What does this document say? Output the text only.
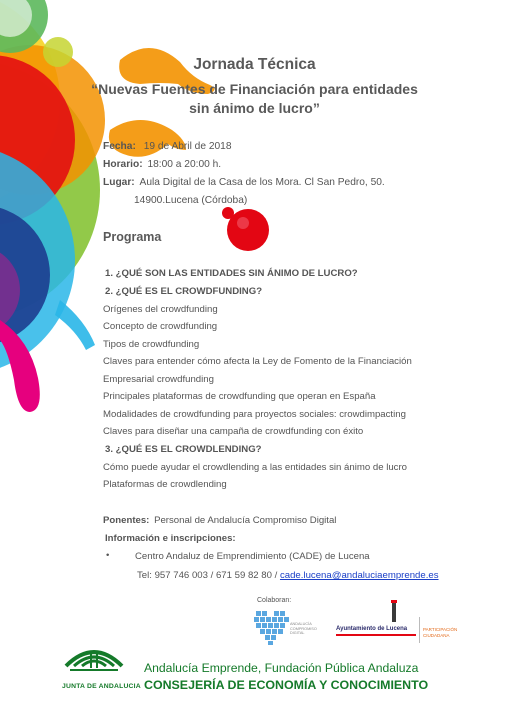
Jornada Técnica
“Nuevas Fuentes de Financiación para entidades
sin ánimo de lucro”
Fecha: 19 de Abril de 2018
Horario: 18:00 a 20:00 h.
Lugar: Aula Digital de la Casa de los Mora. Cl San Pedro, 50.
14900.Lucena (Córdoba)
Programa
1. ¿QUÉ SON LAS ENTIDADES SIN ÁNIMO DE LUCRO?
2. ¿QUÉ ES EL CROWDFUNDING?
Orígenes del crowdfunding
Concepto de crowdfunding
Tipos de crowdfunding
Claves para entender cómo afecta la Ley de Fomento de la Financiación
Empresarial crowdfunding
Principales plataformas de crowdfunding que operan en España
Modalidades de crowdfunding para proyectos sociales: crowdimpacting
Claves para diseñar una campaña de crowdfunding con éxito
3. ¿QUÉ ES EL CROWDLENDING?
Cómo puede ayudar el crowdlending a las entidades sin ánimo de lucro
Plataformas de crowdlending
Ponentes: Personal de Andalucía Compromiso Digital
Información e inscripciones:
•	Centro Andaluz de Emprendimiento (CADE) de Lucena
Tel: 957 746 003 / 671 59 82 80 / cade.lucena@andaluciaemprende.es
Colaboran:
ANDALUCÍA
COMPROMISO
DIGITAL
Ayuntamiento de Lucena	PARTICIPACIÓN
CIUDADANA
JUNTA DE ANDALUCIA
Andalucía Emprende, Fundación Pública Andaluza
CONSEJERÍA DE ECONOMÍA Y CONOCIMIENTO
